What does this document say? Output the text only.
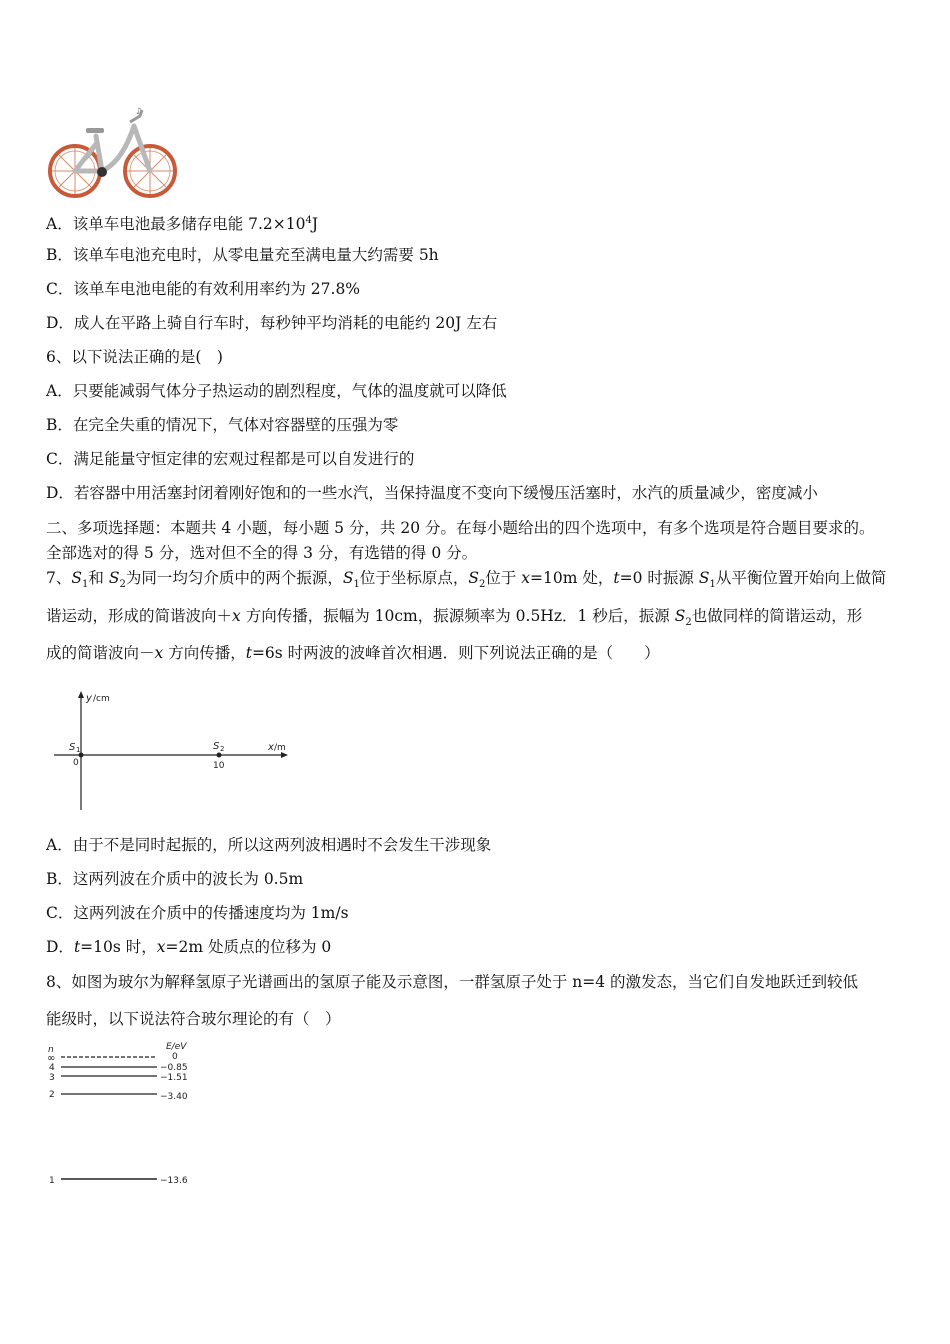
♪
A．该单车电池最多储存电能 $7.2\times 10^4J$
B．该单车电池充电时，从零电量充至满电量大约需要 5h
C．该单车电池电能的有效利用率约为 27.8%
D．成人在平路上骑自行车时，每秒钟平均消耗的电能约 20J 左右
6、以下说法正确的是(　)
A．只要能减弱气体分子热运动的剧烈程度，气体的温度就可以降低
B．在完全失重的情况下，气体对容器壁的压强为零
C．满足能量守恒定律的宏观过程都是可以自发进行的
D．若容器中用活塞封闭着刚好饱和的一些水汽，当保持温度不变向下缓慢压活塞时，水汽的质量减少，密度减小
二、多项选择题：本题共 4 小题，每小题 5 分，共 20 分。在每小题给出的四个选项中，有多个选项是符合题目要求的。
全部选对的得 5 分，选对但不全的得 3 分，有选错的得 0 分。
7、$S_1$和 $S_2$为同一均匀介质中的两个振源，$S_1$位于坐标原点，$S_2$位于 x=10m 处，t=0 时振源 $S_1$从平衡位置开始向上做简
谐运动，形成的简谐波向＋x 方向传播，振幅为 10cm，振源频率为 0.5Hz．1 秒后，振源 $S_2$也做同样的简谐运动，形
成的简谐波向－x 方向传播，t=6s 时两波的波峰首次相遇．则下列说法正确的是（　　）
y /cm
x /m
S 1	S 2
0	10
A．由于不是同时起振的，所以这两列波相遇时不会发生干涉现象
B．这两列波在介质中的波长为 0.5m
C．这两列波在介质中的传播速度均为 1m/s
D．t=10s 时，x=2m 处质点的位移为 0
8、如图为玻尔为解释氢原子光谱画出的氢原子能及示意图，一群氢原子处于 n=4 的激发态，当它们自发地跃迁到较低
能级时，以下说法符合玻尔理论的有（　）
n	E/eV
∞	0
4	−0.85
3	−1.51
2	−3.40
1	−13.6
